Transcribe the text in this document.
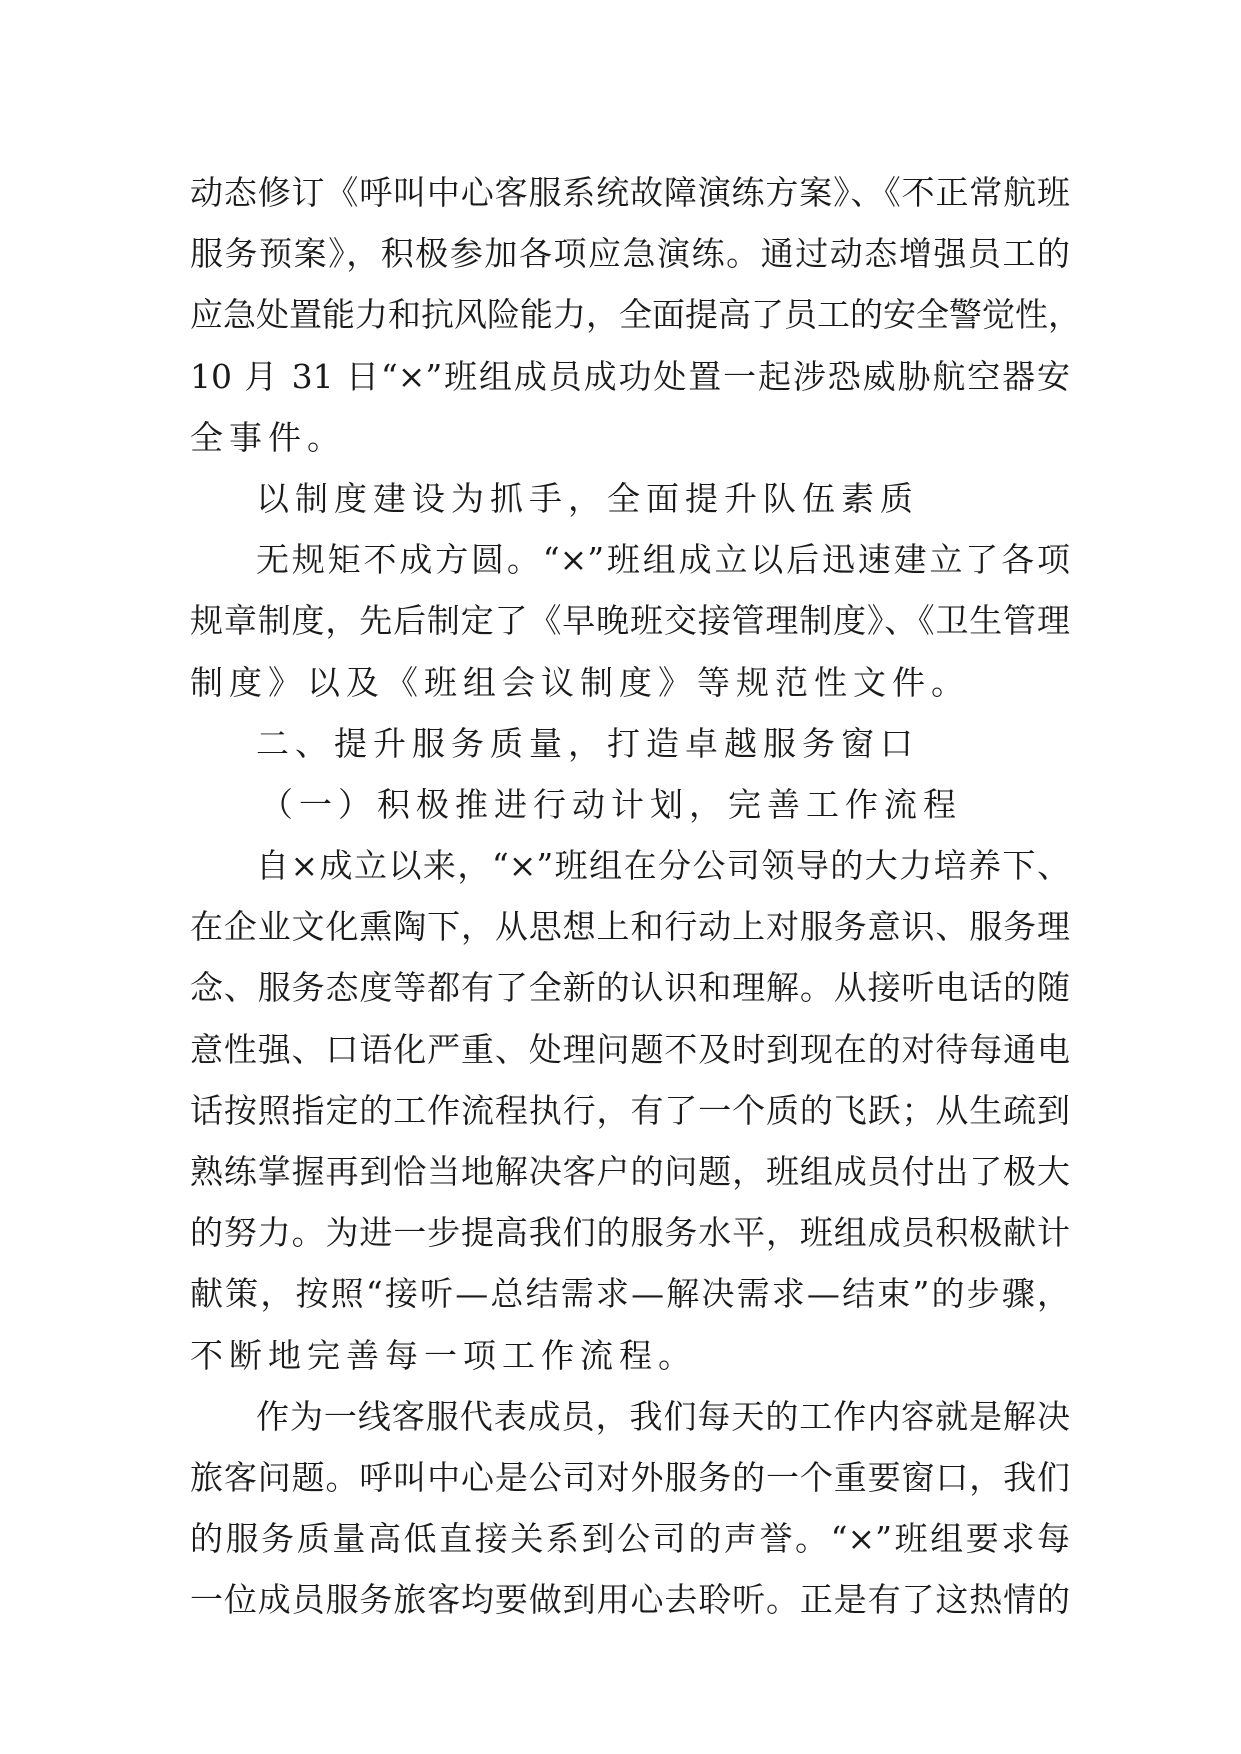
动态修订《呼叫中心客服系统故障演练方案》、《不正常航班
服务预案》，积极参加各项应急演练。通过动态增强员工的
应急处置能力和抗风险能力，全面提高了员工的安全警觉性，
10 月 31 日“×”班组成员成功处置一起涉恐威胁航空器安
全事件。
以制度建设为抓手，全面提升队伍素质
无规矩不成方圆。“×”班组成立以后迅速建立了各项
规章制度，先后制定了《早晚班交接管理制度》、《卫生管理
制度》以及《班组会议制度》等规范性文件。
二、提升服务质量，打造卓越服务窗口
（一）积极推进行动计划，完善工作流程
自×成立以来，“×”班组在分公司领导的大力培养下、
在企业文化熏陶下，从思想上和行动上对服务意识、服务理
念、服务态度等都有了全新的认识和理解。从接听电话的随
意性强、口语化严重、处理问题不及时到现在的对待每通电
话按照指定的工作流程执行，有了一个质的飞跃；从生疏到
熟练掌握再到恰当地解决客户的问题，班组成员付出了极大
的努力。为进一步提高我们的服务水平，班组成员积极献计
献策，按照“接听—总结需求—解决需求—结束”的步骤，
不断地完善每一项工作流程。
作为一线客服代表成员，我们每天的工作内容就是解决
旅客问题。呼叫中心是公司对外服务的一个重要窗口，我们
的服务质量高低直接关系到公司的声誉。“×”班组要求每
一位成员服务旅客均要做到用心去聆听。正是有了这热情的
